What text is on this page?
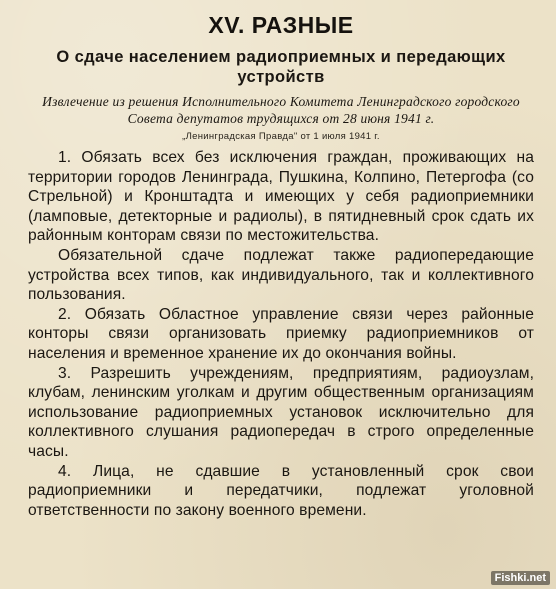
XV. РАЗНЫЕ
О сдаче населением радиоприемных и передающих устройств
Извлечение из решения Исполнительного Комитета Ленинградского городского Совета депутатов трудящихся от 28 июня 1941 г.
„Ленинградская Правда" от 1 июля 1941 г.

1. Обязать всех без исключения граждан, проживающих на территории городов Ленинграда, Пушкина, Колпино, Петергофа (со Стрельной) и Кронштадта и имеющих у себя радиоприемники (ламповые, детекторные и радиолы), в пятидневный срок сдать их районным конторам связи по местожительства.

Обязательной сдаче подлежат также радиопередающие устройства всех типов, как индивидуального, так и коллективного пользования.

2. Обязать Областное управление связи через районные конторы связи организовать приемку радиоприемников от населения и временное хранение их до окончания войны.

3. Разрешить учреждениям, предприятиям, радиоузлам, клубам, ленинским уголкам и другим общественным организациям использование радиоприемных установок исключительно для коллективного слушания радиопередач в строго определенные часы.

4. Лица, не сдавшие в установленный срок свои радиоприемники и передатчики, подлежат уголовной ответственности по закону военного времени.

Fishki.net
